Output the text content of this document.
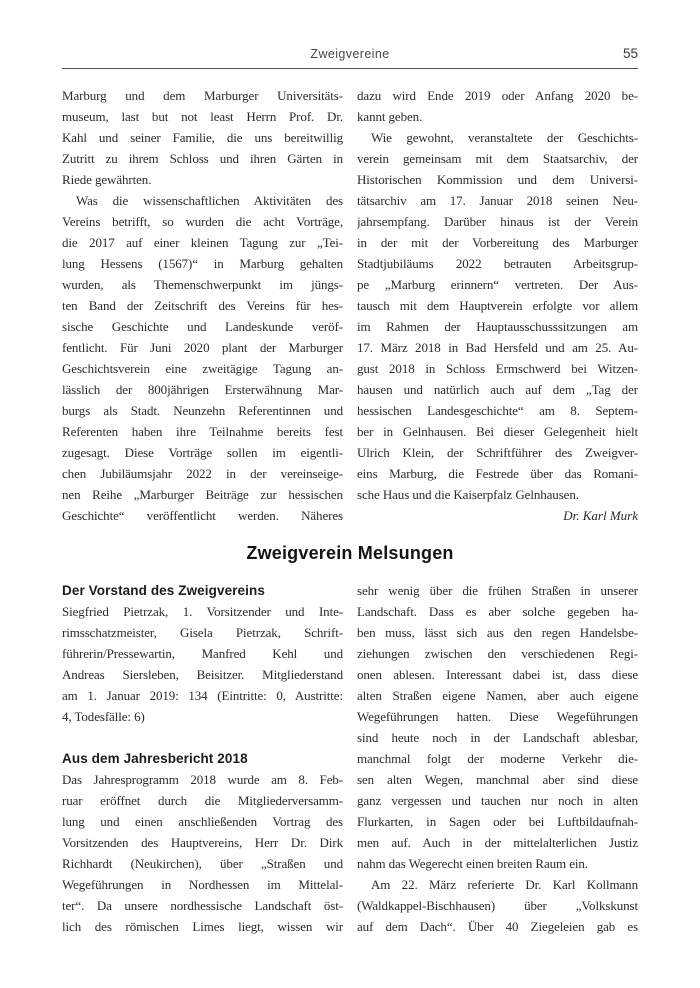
Zweigvereine	55
Marburg und dem Marburger Universitäts-
museum, last but not least Herrn Prof. Dr.
Kahl und seiner Familie, die uns bereitwillig
Zutritt zu ihrem Schloss und ihren Gärten in
Riede gewährten.
Was die wissenschaftlichen Aktivitäten des
Vereins betrifft, so wurden die acht Vorträge,
die 2017 auf einer kleinen Tagung zur „Tei-
lung Hessens (1567)“ in Marburg gehalten
wurden, als Themenschwerpunkt im jüngs-
ten Band der Zeitschrift des Vereins für hes-
sische Geschichte und Landeskunde veröf-
fentlicht. Für Juni 2020 plant der Marburger
Geschichtsverein eine zweitägige Tagung an-
lässlich der 800jährigen Ersterwähnung Mar-
burgs als Stadt. Neunzehn Referentinnen und
Referenten haben ihre Teilnahme bereits fest
zugesagt. Diese Vorträge sollen im eigentli-
chen Jubiläumsjahr 2022 in der vereinseige-
nen Reihe „Marburger Beiträge zur hessischen
Geschichte“ veröffentlicht werden. Näheres
dazu wird Ende 2019 oder Anfang 2020 be-
kannt geben.
Wie gewohnt, veranstaltete der Geschichts-
verein gemeinsam mit dem Staatsarchiv, der
Historischen Kommission und dem Universi-
tätsarchiv am 17. Januar 2018 seinen Neu-
jahrsempfang. Darüber hinaus ist der Verein
in der mit der Vorbereitung des Marburger
Stadtjubiläums 2022 betrauten Arbeitsgrup-
pe „Marburg erinnern“ vertreten. Der Aus-
tausch mit dem Hauptverein erfolgte vor allem
im Rahmen der Hauptausschusssitzungen am
17. März 2018 in Bad Hersfeld und am 25. Au-
gust 2018 in Schloss Ermschwerd bei Witzen-
hausen und natürlich auch auf dem „Tag der
hessischen Landesgeschichte“ am 8. Septem-
ber in Gelnhausen. Bei dieser Gelegenheit hielt
Ulrich Klein, der Schriftführer des Zweigver-
eins Marburg, die Festrede über das Romani-
sche Haus und die Kaiserpfalz Gelnhausen.
Dr. Karl Murk
Zweigverein Melsungen
Der Vorstand des Zweigvereins
Siegfried Pietrzak, 1. Vorsitzender und Inte-
rimsschatzmeister, Gisela Pietrzak, Schrift-
führerin/Pressewartin, Manfred Kehl und
Andreas Siersleben, Beisitzer. Mitgliederstand
am 1. Januar 2019: 134 (Eintritte: 0, Austritte:
4, Todesfälle: 6)
Aus dem Jahresbericht 2018
Das Jahresprogramm 2018 wurde am 8. Feb-
ruar eröffnet durch die Mitgliederversamm-
lung und einen anschließenden Vortrag des
Vorsitzenden des Hauptvereins, Herr Dr. Dirk
Richhardt (Neukirchen), über „Straßen und
Wegeführungen in Nordhessen im Mittelal-
ter“. Da unsere nordhessische Landschaft öst-
lich des römischen Limes liegt, wissen wir
sehr wenig über die frühen Straßen in unserer
Landschaft. Dass es aber solche gegeben ha-
ben muss, lässt sich aus den regen Handelsbe-
ziehungen zwischen den verschiedenen Regi-
onen ablesen. Interessant dabei ist, dass diese
alten Straßen eigene Namen, aber auch eigene
Wegeführungen hatten. Diese Wegeführungen
sind heute noch in der Landschaft ablesbar,
manchmal folgt der moderne Verkehr die-
sen alten Wegen, manchmal aber sind diese
ganz vergessen und tauchen nur noch in alten
Flurkarten, in Sagen oder bei Luftbildaufnah-
men auf. Auch in der mittelalterlichen Justiz
nahm das Wegerecht einen breiten Raum ein.
Am 22. März referierte Dr. Karl Kollmann
(Waldkappel-Bischhausen) über „Volkskunst
auf dem Dach“. Über 40 Ziegeleien gab es
